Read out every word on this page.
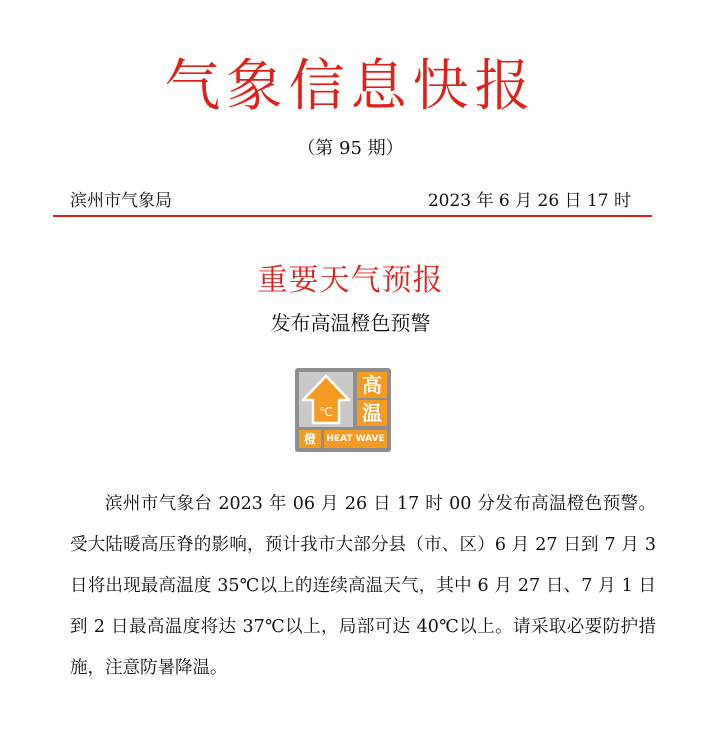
气象信息快报
（第 95 期）
滨州市气象局	2023 年 6 月 26 日 17 时
重要天气预报
发布高温橙色预警
℃
高
温
橙	HEAT WAVE

滨州市气象台 2023 年 06 月 26 日 17 时 00 分发布高温橙色预警。受大陆暖高压脊的影响，预计我市大部分县（市、区）6 月 27 日到 7 月 3 日将出现最高温度 35℃以上的连续高温天气，其中 6 月 27 日、7 月 1 日到 2 日最高温度将达 37℃以上，局部可达 40℃以上。请采取必要防护措施，注意防暑降温。
